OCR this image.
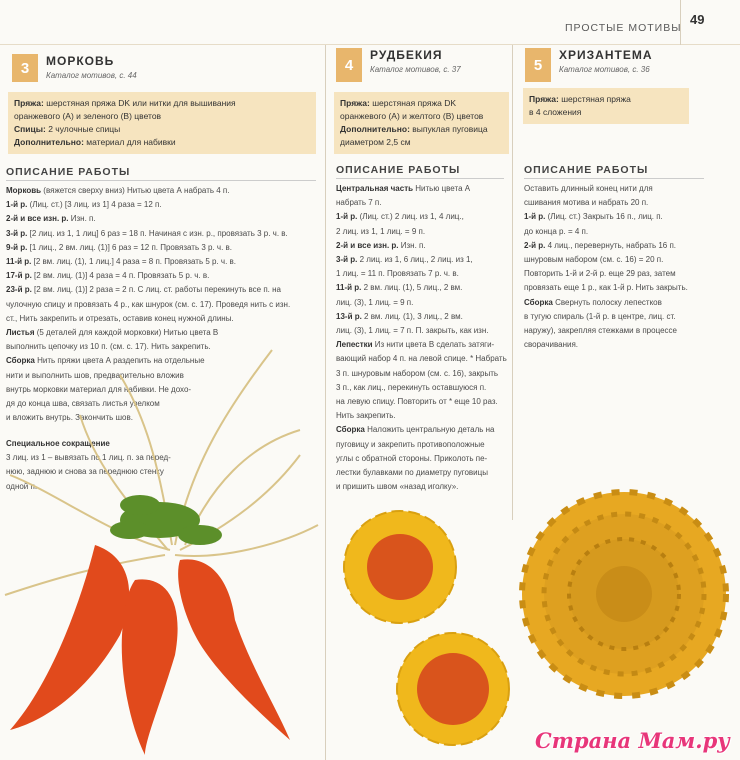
ПРОСТЫЕ МОТИВЫ
49
3	МОРКОВЬ
Каталог мотивов, с. 44
Пряжа: шерстяная пряжа DK или нитки для вышивания
оранжевого (А) и зеленого (В) цветов
Спицы: 2 чулочные спицы
Дополнительно: материал для набивки
ОПИСАНИЕ РАБОТЫ

Морковь (вяжется сверху вниз) Нитью цвета А набрать 4 п.

1-й р. (Лиц. ст.) [3 лиц. из 1] 4 раза = 12 п.

2-й и все изн. р. Изн. п.

3-й р. [2 лиц. из 1, 1 лиц] 6 раз = 18 п. Начиная с изн. р., провязать 3 р. ч. в.

9-й р. [1 лиц., 2 вм. лиц. (1)] 6 раз = 12 п. Провязать 3 р. ч. в.

11-й р. [2 вм. лиц. (1), 1 лиц.] 4 раза = 8 п. Провязать 5 р. ч. в.

17-й р. [2 вм. лиц. (1)] 4 раза = 4 п. Провязать 5 р. ч. в.

23-й р. [2 вм. лиц. (1)] 2 раза = 2 п. С лиц. ст. работы перекинуть все п. на

чулочную спицу и провязать 4 р., как шнурок (см. с. 17). Проведя нить с изн.

ст., Нить закрепить и отрезать, оставив конец нужной длины.

Листья (5 деталей для каждой морковки) Нитью цвета В

выполнить цепочку из 10 п. (см. с. 17). Нить закрепить.

Сборка Нить пряжи цвета А раздепить на отдельные

нити и выполнить шов, предварительно вложив

внутрь морковки материал для набивки. Не дохо-

дя до конца шва, связать листья узелком

и вложить внутрь. Закончить шов.

Специальное сокращение

3 лиц. из 1 – вывязать по 1 лиц. п. за перед-

нюю, заднюю и снова за переднюю стенку

одной п.

4
РУДБЕКИЯ
Каталог мотивов, с. 37
Пряжа: шерстяная пряжа DK
оранжевого (А) и желтого (В) цветов
Дополнительно: выпуклая пуговица
диаметром 2,5 см
ОПИСАНИЕ РАБОТЫ

Центральная часть Нитью цвета А

набрать 7 п.

1-й р. (Лиц. ст.) 2 лиц. из 1, 4 лиц.,

2 лиц. из 1, 1 лиц. = 9 п.

2-й и все изн. р. Изн. п.

3-й р. 2 лиц. из 1, 6 лиц., 2 лиц. из 1,

1 лиц. = 11 п. Провязать 7 р. ч. в.

11-й р. 2 вм. лиц. (1), 5 лиц., 2 вм.

лиц. (3), 1 лиц. = 9 п.

13-й р. 2 вм. лиц. (1), 3 лиц., 2 вм.

лиц. (3), 1 лиц. = 7 п. П. закрыть, как изн.

Лепестки Из нити цвета В сделать затяги-

вающий набор 4 п. на левой спице. * Набрать

3 п. шнуровым набором (см. с. 16), закрыть

3 п., как лиц., перекинуть оставшуюся п.

на левую спицу. Повторить от * еще 10 раз.

Нить закрепить.

Сборка Наложить центральную деталь на

пуговицу и закрепить противоположные

углы с обратной стороны. Приколоть пе-

лестки булавками по диаметру пуговицы

и пришить швом «назад иголку».

5
ХРИЗАНТЕМА
Каталог мотивов, с. 36
Пряжа: шерстяная пряжа
в 4 сложения
ОПИСАНИЕ РАБОТЫ

Оставить длинный конец нити для

сшивания мотива и набрать 20 п.

1-й р. (Лиц. ст.) Закрыть 16 п., лиц. п.

до конца р. = 4 п.

2-й р. 4 лиц., перевернуть, набрать 16 п.

шнуровым набором (см. с. 16) = 20 п.

Повторить 1-й и 2-й р. еще 29 раз, затем

провязать еще 1 р., как 1-й р. Нить закрыть.

Сборка Свернуть полоску лепестков

в тугую спираль (1-й р. в центре, лиц. ст.

наружу), закрепляя стежками в процессе

сворачивания.

Страна Мам.ру
